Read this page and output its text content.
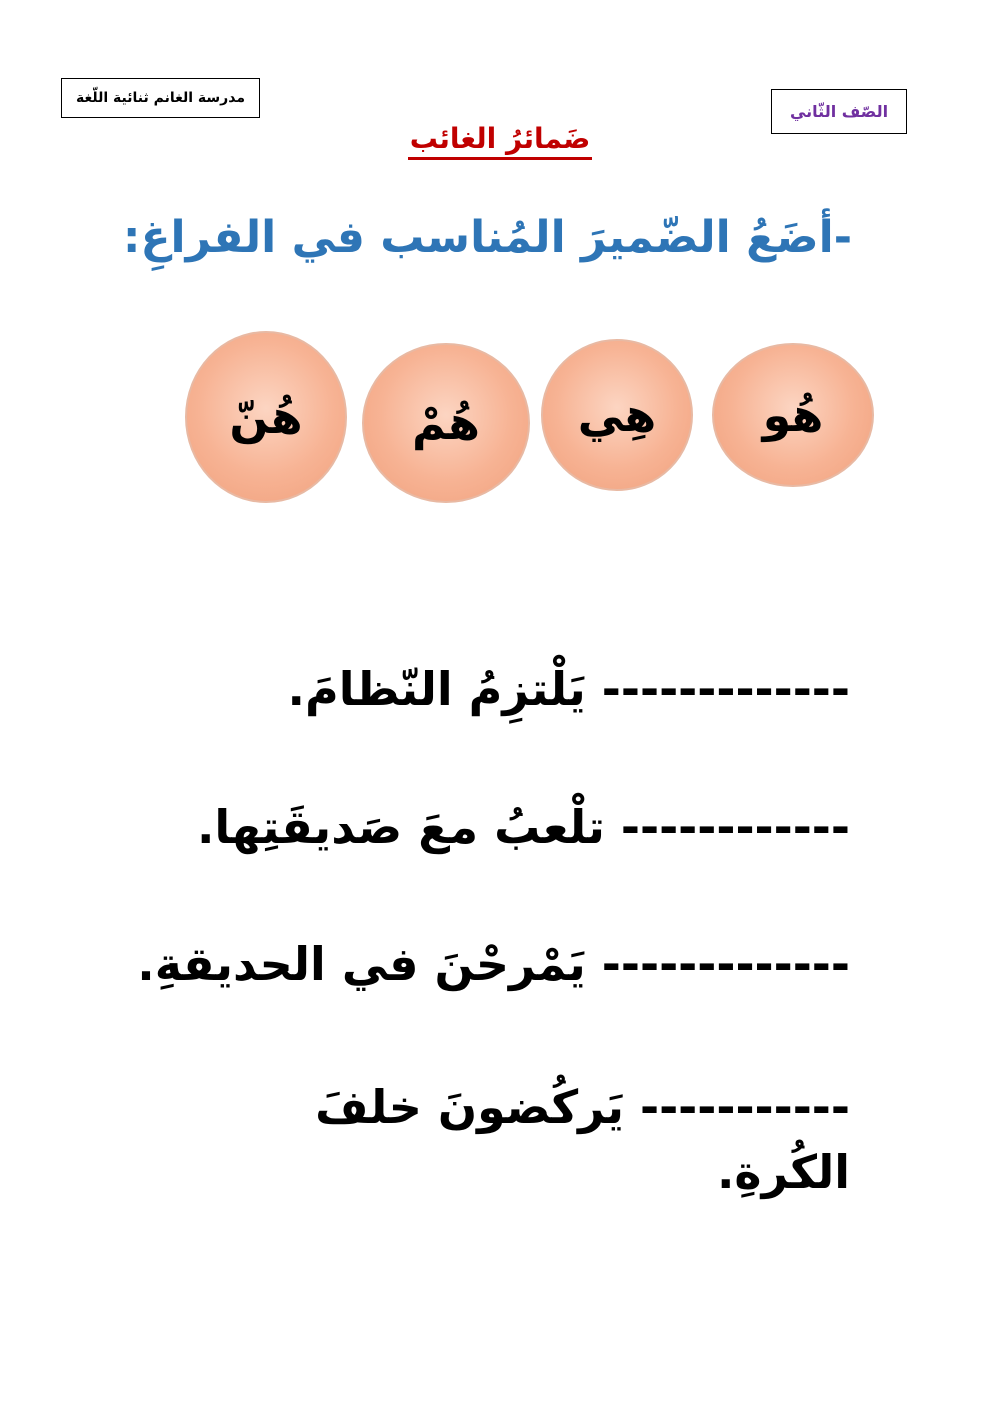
مدرسة الغانم ثنائية اللّغة
الصّف الثّاني
ضَمائرُ الغائب
-أضَعُ الضّميرَ المُناسب في الفراغِ:
هُو
هِي
هُمْ
هُنّ
------------- يَلْتزِمُ النّظامَ.
------------ تلْعبُ معَ صَديقَتِها.
------------- يَمْرحْنَ في الحديقةِ.
----------- يَركُضونَ خلفَ
الكُرةِ.
